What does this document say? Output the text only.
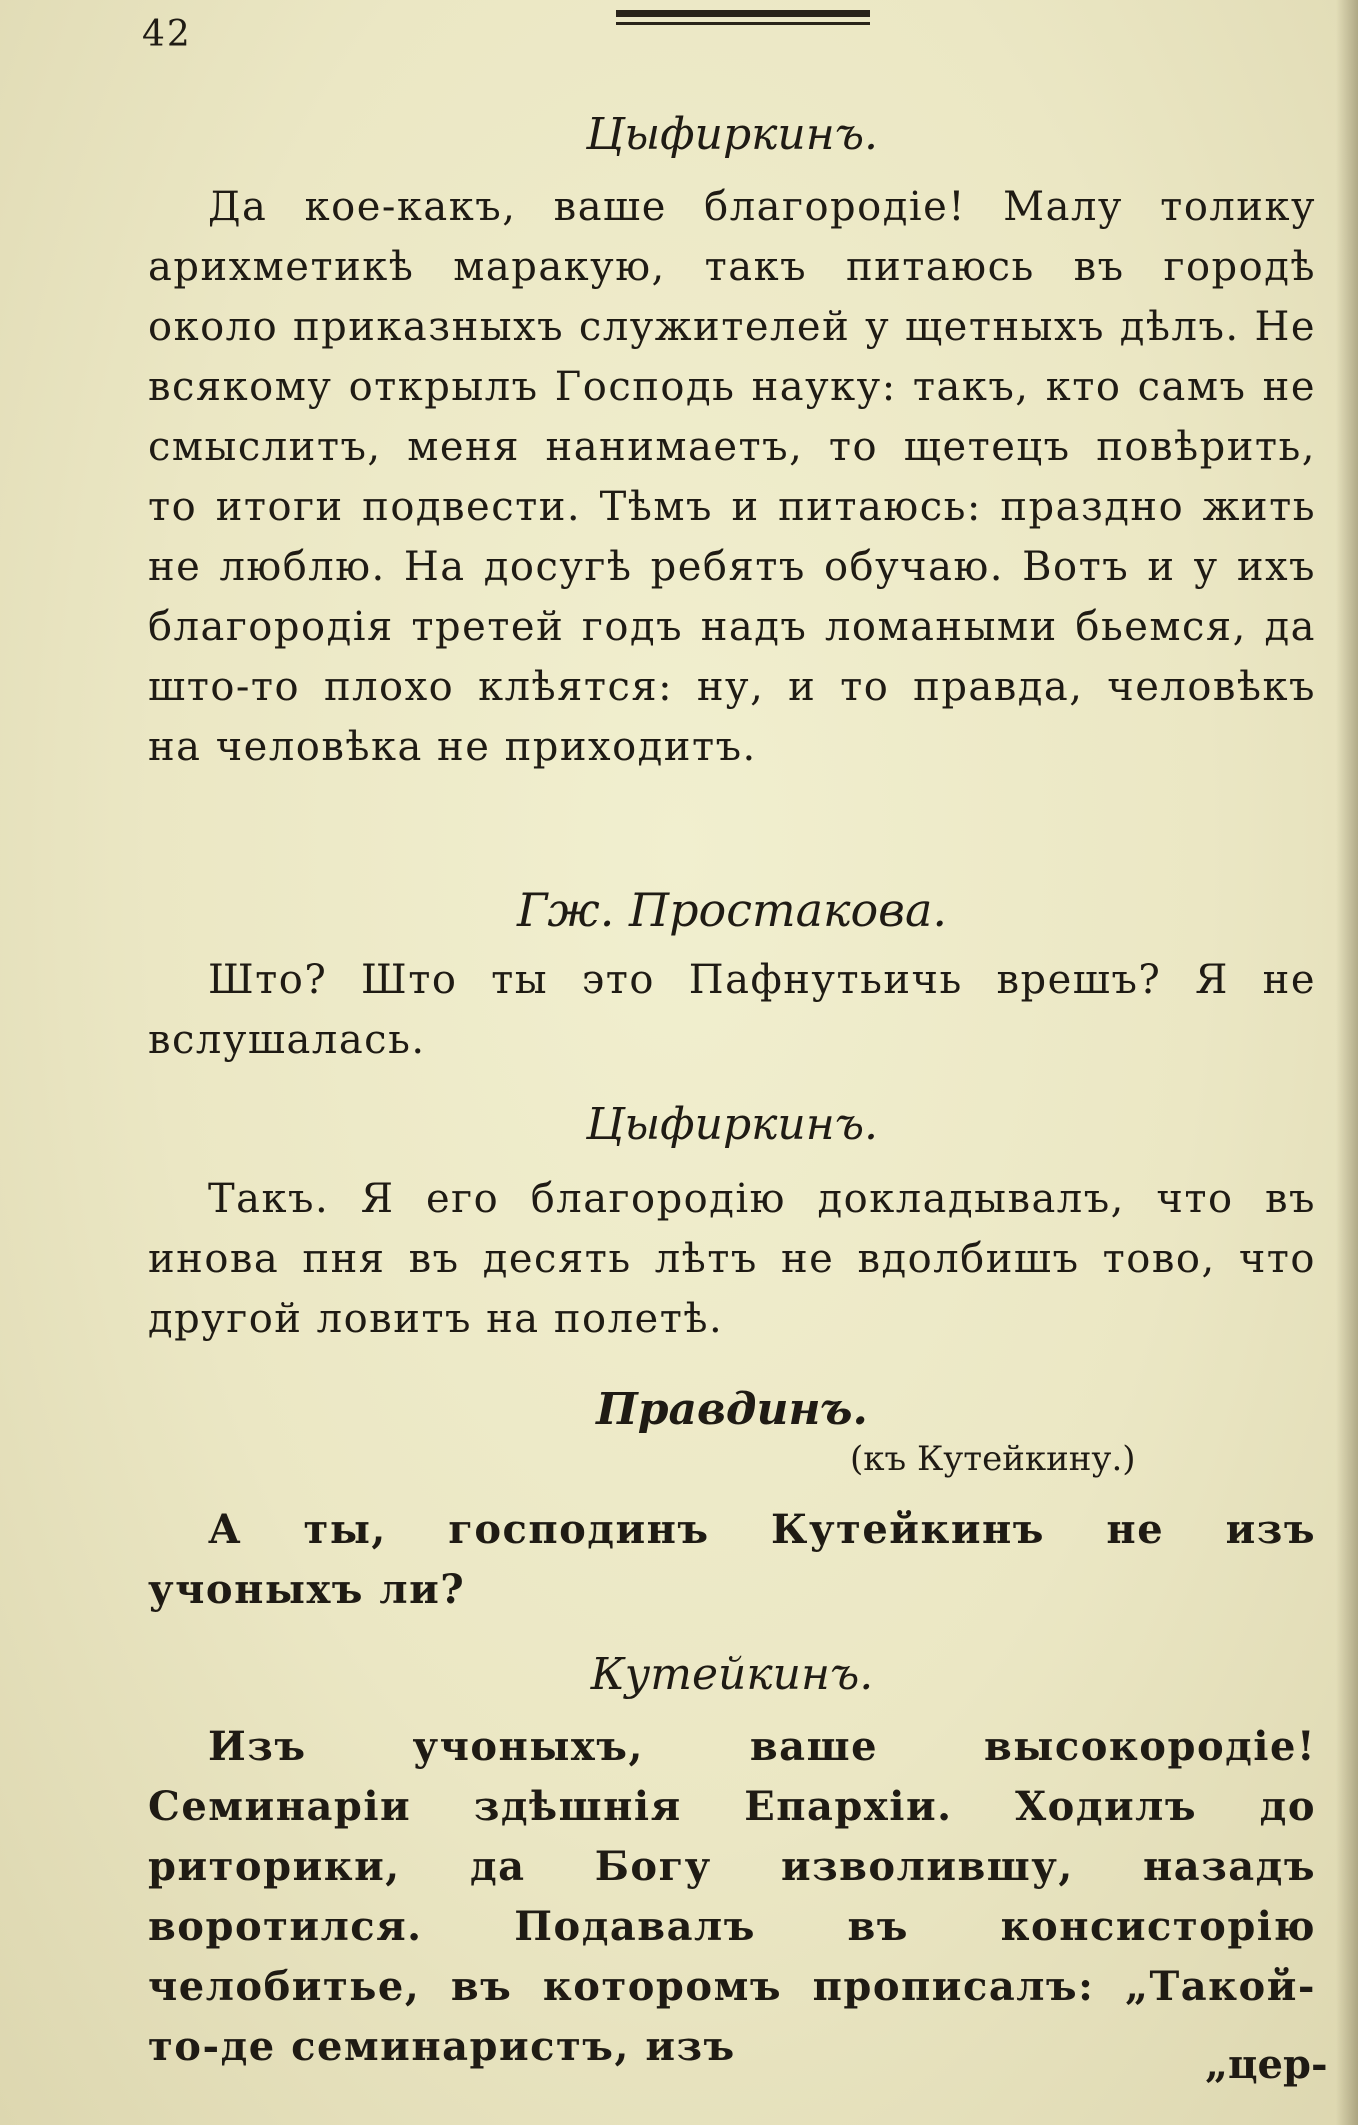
42

Цыфиркинъ.

Да кое-какъ, ваше благородіе! Малу толику арихметикѣ маракую, такъ питаюсь въ городѣ около приказныхъ служителей у щетныхъ дѣлъ. Не всякому открылъ Господь науку: такъ, кто самъ не смыслитъ, меня нанимаетъ, то щетецъ повѣрить, то итоги подвести. Тѣмъ и питаюсь: праздно жить не люблю. На досугѣ ребятъ обучаю. Вотъ и у ихъ благородія третей годъ надъ ломаными бьемся, да што-то плохо клѣятся: ну, и то правда, человѣкъ на человѣка не приходитъ.

Гж. Простакова.

Што? Што ты это Пафнутьичь врешъ? Я не вслушалась.

Цыфиркинъ.

Такъ. Я его благородію докладывалъ, что въ инова пня въ десять лѣтъ не вдолбишъ тово, что другой ловитъ на полетѣ.

Правдинъ.

(къ Кутейкину.)

А ты, господинъ Кутейкинъ не изъ учоныхъ ли?

Кутейкинъ.

Изъ учоныхъ, ваше высокородіе! Семинаріи здѣшнія Епархіи. Ходилъ до риторики, да Богу изволившу, назадъ воротился. Подавалъ въ консисторію челобитье, въ которомъ прописалъ: „Такой-то-де семинаристъ, изъ	„цер-
